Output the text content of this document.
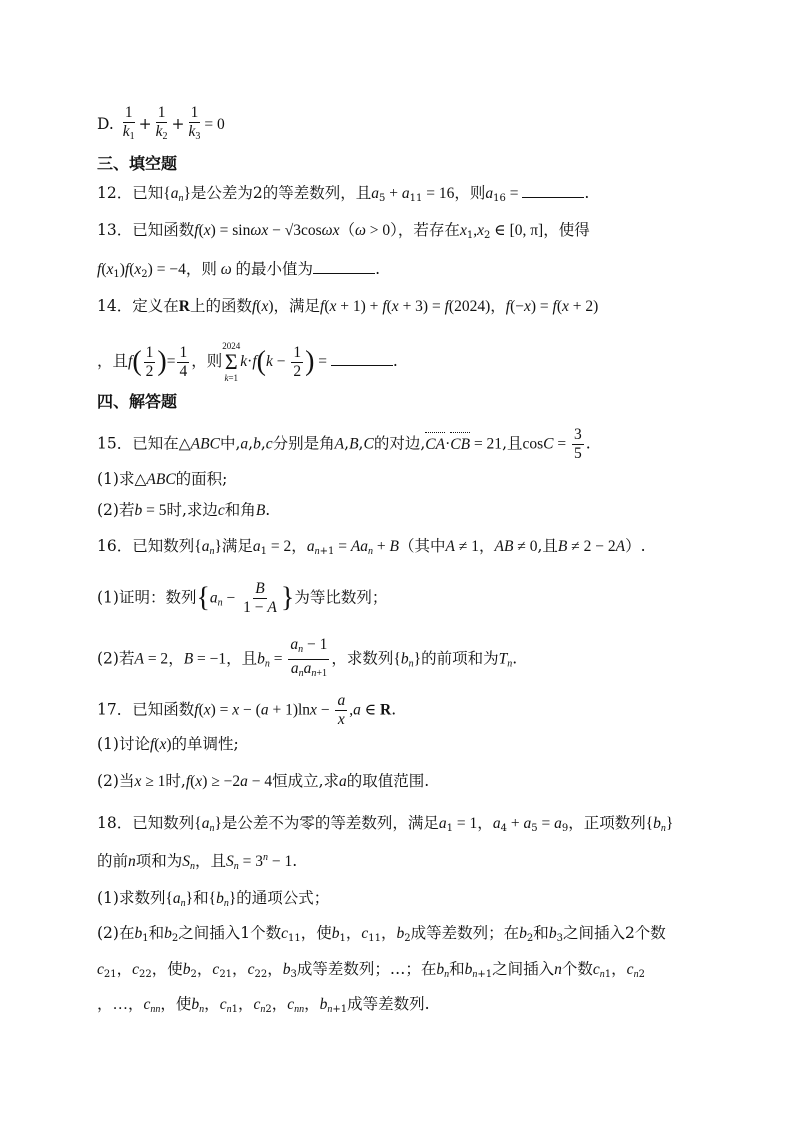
D. $\frac{1}{k_1} + \frac{1}{k_2} + \frac{1}{k_3} = 0$
三、填空题
12．已知$\{a_n\}$是公差为2的等差数列，且$a_5 + a_{11} = 16$，则$a_{16}$ =	.
13．已知函数f(x) = sinωx − √3cosωx（ω > 0），若存在$x_1,x_2$ ∈ [0, π]，使得
$f(x_1)f(x_2) = -4$，则 ω 的最小值为	.
14．定义在R上的函数f(x)，满足f(x + 1) + f(x + 3) = f(2024)，f(−x) = f(x + 2)
，且$f( \frac{1}{2}$ )= $\frac{1}{4}$ ，则
2024
Σ
k=1
$k\cdot f(k - \frac{1}{2}$ ) =	.
四、解答题
15．已知在△ABC中,a,b,c分别是角A,B,C的对边,CA·CB = 21,且$\cos C = \frac{3}{5}$ .
(1)求△ABC的面积;
(2)若b = 5时,求边c和角B.
16．已知数列$\{a_n\}$满足$a_1 = 2$，$a_{n+1} = Aa_n + B$（其中A ≠ 1，AB ≠ 0,且B ≠ 2 − 2A）.
(1)证明：数列{$a_n - \frac{B}{1 - A}$ }为等比数列；
(2)若A = 2，B = −1，且$b_n = \frac{a_n - 1}{a_na_{n+1}}$ ，求数列$\{b_n\}$的前项和为$T_n$.
17．已知函数$f(x) = x - (a + 1)\ln x - \frac{a}{x} ,a$ ∈ R.
(1)讨论f(x)的单调性;
(2)当x ≥ 1时,f(x) ≥ −2a − 4恒成立,求a的取值范围.
18．已知数列$\{a_n\}$是公差不为零的等差数列，满足$a_1 = 1$，$a_4 + a_5 = a_9$，正项数列$\{b_n\}$
的前n项和为$S_n$，且$S_n = 3^n - 1$.
(1)求数列$\{a_n\}$和$\{b_n\}$的通项公式；
(2)在$b_1$和$b_2$之间插入1个数$c_{11}$，使$b_1$，$c_{11}$，$b_2$成等差数列；在$b_2$和$b_3$之间插入2个数
$c_{21}$，$c_{22}$，使$b_2$，$c_{21}$，$c_{22}$，$b_3$成等差数列；…；在$b_n$和$b_{n+1}$之间插入n个数$c_{n1}$，$c_{n2}$
，…，$c_{nn}$，使$b_n$，$c_{n1}$，$c_{n2}$，$c_{nn}$，$b_{n+1}$成等差数列.
